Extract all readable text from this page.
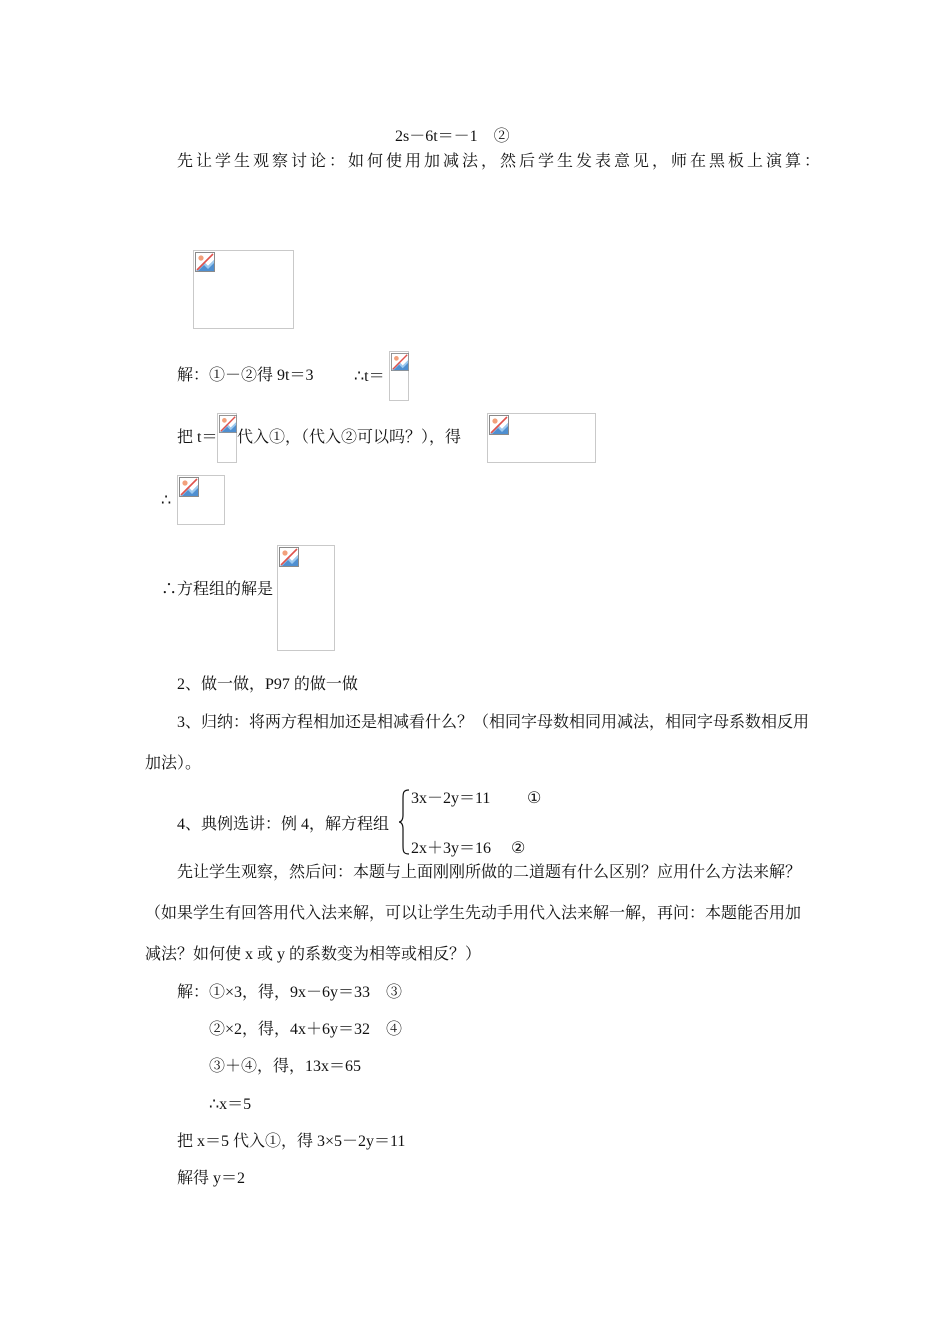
2s－6t＝－1　②
先让学生观察讨论：如何使用加减法，然后学生发表意见，师在黑板上演算：
解：①－②得 9t＝3	∴t＝
把 t＝ 代入①，（代入②可以吗？），得
∴
∴方程组的解是
2、做一做，P97 的做一做
3、归纳：将两方程相加还是相减看什么？（相同字母数相同用减法，相同字母系数相反用加法）。
4、典例选讲：例 4，解方程组
3x－2y＝11 ①
2x＋3y＝16 ②
先让学生观察，然后问：本题与上面刚刚所做的二道题有什么区别？应用什么方法来解？（如果学生有回答用代入法来解，可以让学生先动手用代入法来解一解，再问：本题能否用加减法？如何使 x 或 y 的系数变为相等或相反？）
解：①×3，得，9x－6y＝33　③
②×2，得，4x＋6y＝32　④
③＋④，得，13x＝65
∴x＝5
把 x＝5 代入①，得 3×5－2y＝11
解得 y＝2
